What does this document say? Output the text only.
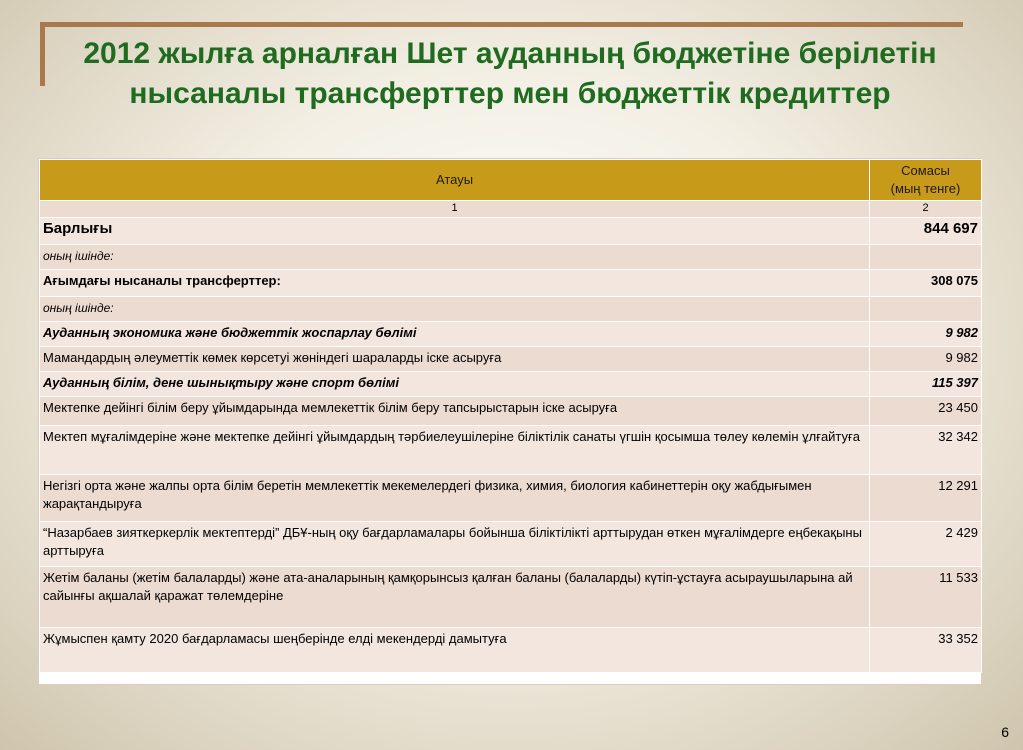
2012 жылға арналған Шет ауданның бюджетіне берілетін нысаналы трансферттер мен бюджеттік кредиттер
Атауы	Сомасы
(мың тенге)
1	2
Барлығы	844 697
оның ішінде:	
Ағымдағы нысаналы трансферттер:	308 075
оның ішінде:	
Ауданның экономика және бюджеттік жоспарлау бөлімі	9 982
Мамандардың әлеуметтік көмек көрсетуі жөніндегі шараларды іске асыруға	9 982
Ауданның білім, дене шынықтыру және спорт бөлімі	115 397
Мектепке дейінгі білім беру ұйымдарында мемлекеттік білім беру тапсырыстарын іске асыруға	23 450
Мектеп мұғалімдеріне және мектепке дейінгі ұйымдардың тәрбиелеушілеріне біліктілік санаты үгшін қосымша төлеу көлемін ұлғайтуға	32 342
Негізгі орта және жалпы орта білім беретін мемлекеттік мекемелердегі физика, химия, биология кабинеттерін оқу жабдығымен жарақтандыруға	12 291
“Назарбаев зияткеркерлік мектептерді” ДБҰ-ның оқу бағдарламалары бойынша біліктілікті арттырудан өткен мұғалімдерге еңбекақыны арттыруға	2 429
Жетім баланы (жетім балаларды) және ата-аналарының қамқорынсыз қалған баланы (балаларды) күтіп-ұстауға асыраушыларына ай сайынғы ақшалай қаражат төлемдеріне	11 533
Жұмыспен қамту 2020 бағдарламасы шеңберінде елді мекендерді дамытуға	33 352
6
